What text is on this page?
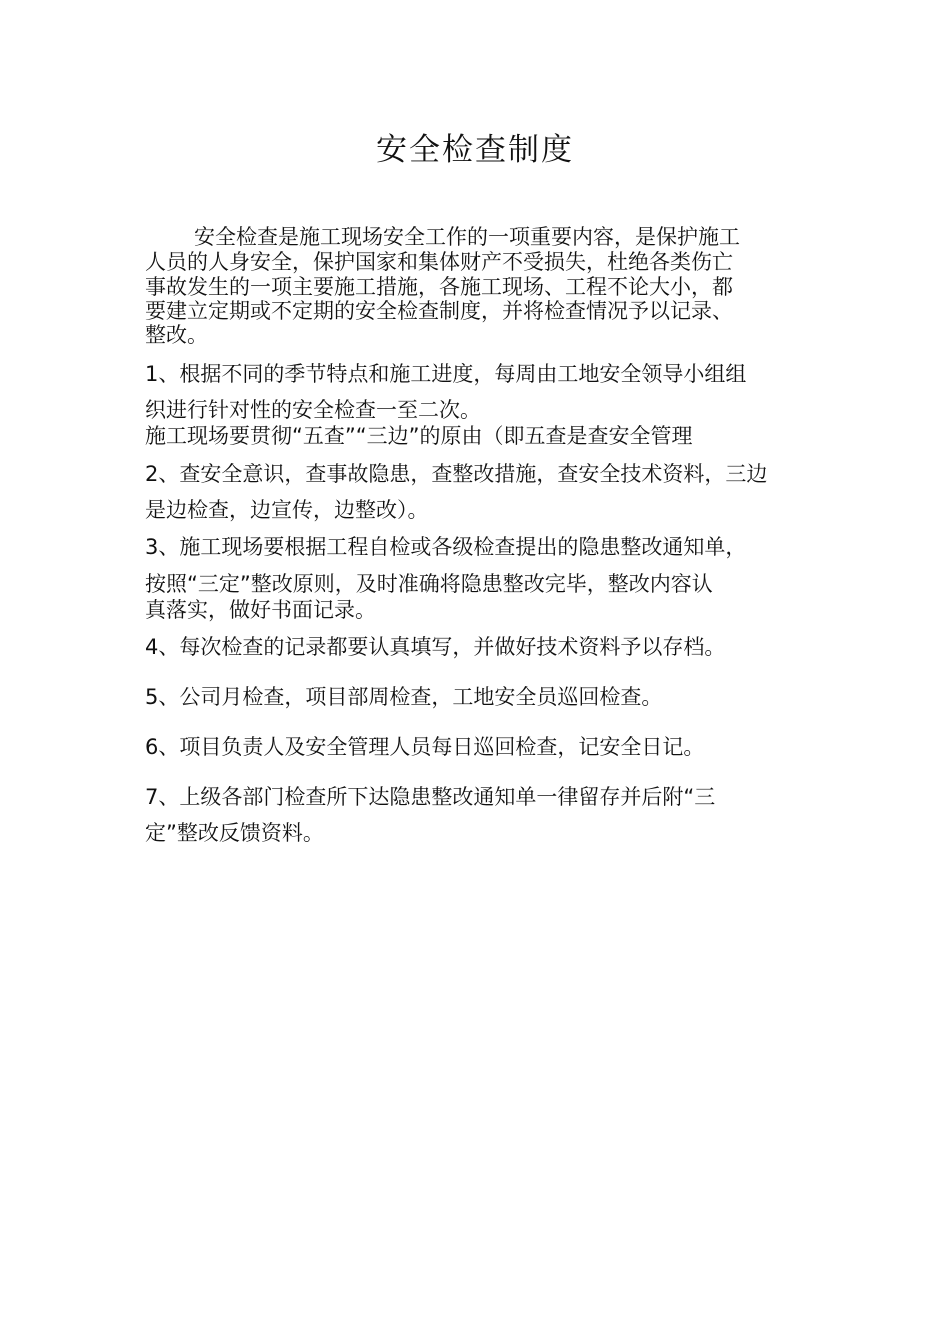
安全检查制度

安全检查是施工现场安全工作的一项重要内容，是保护施工

人员的人身安全，保护国家和集体财产不受损失，杜绝各类伤亡

事故发生的一项主要施工措施，各施工现场、工程不论大小，都

要建立定期或不定期的安全检查制度，并将检查情况予以记录、

整改。

1、根据不同的季节特点和施工进度，每周由工地安全领导小组组

织进行针对性的安全检查一至二次。

施工现场要贯彻“五查”“三边”的原由（即五查是查安全管理

2、查安全意识，查事故隐患，查整改措施，查安全技术资料，三边

是边检查，边宣传，边整改）。

3、施工现场要根据工程自检或各级检查提出的隐患整改通知单，

按照“三定”整改原则，及时准确将隐患整改完毕，整改内容认

真落实，做好书面记录。

4、每次检查的记录都要认真填写，并做好技术资料予以存档。

5、公司月检查，项目部周检查，工地安全员巡回检查。

6、项目负责人及安全管理人员每日巡回检查，记安全日记。

7、上级各部门检查所下达隐患整改通知单一律留存并后附“三

定”整改反馈资料。
